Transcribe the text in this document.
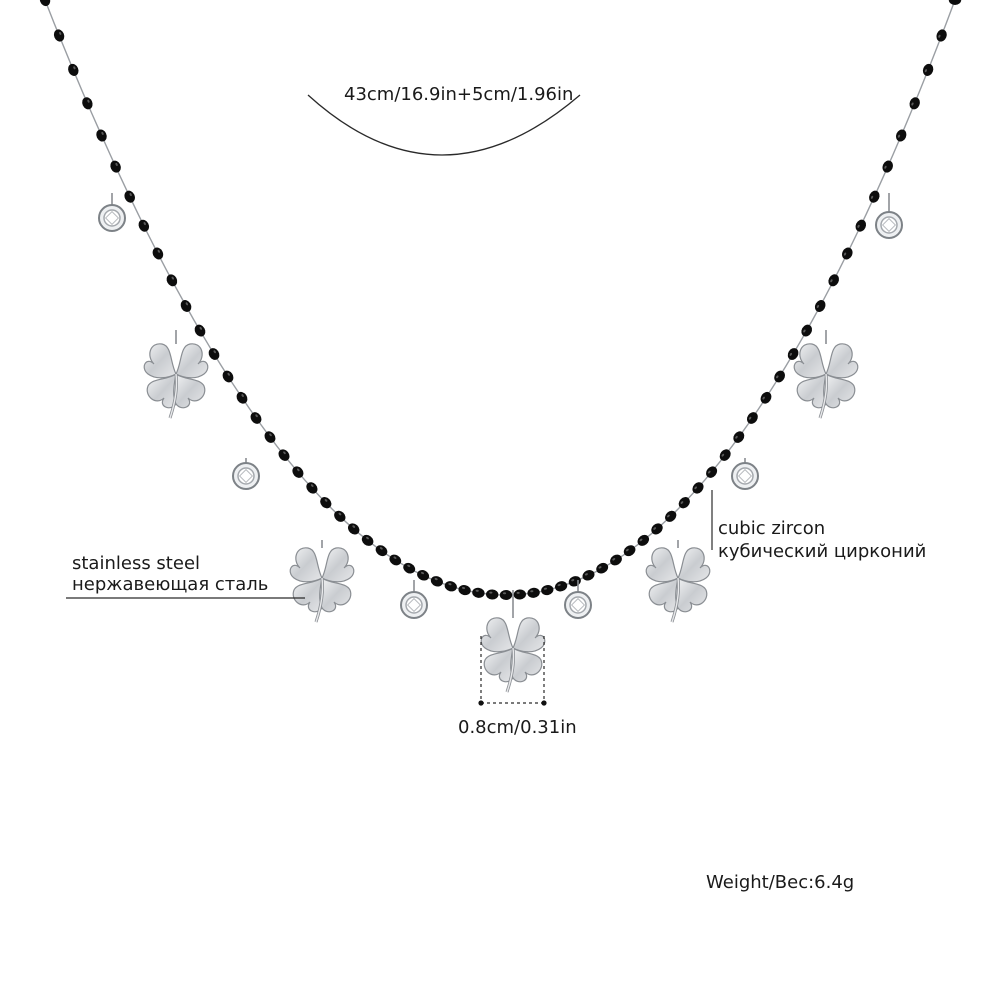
43cm/16.9in+5cm/1.96in
stainless steel
нержавеющая сталь
cubic zircon
кубический цирконий
0.8cm/0.31in
Weight/Вес:6.4g
